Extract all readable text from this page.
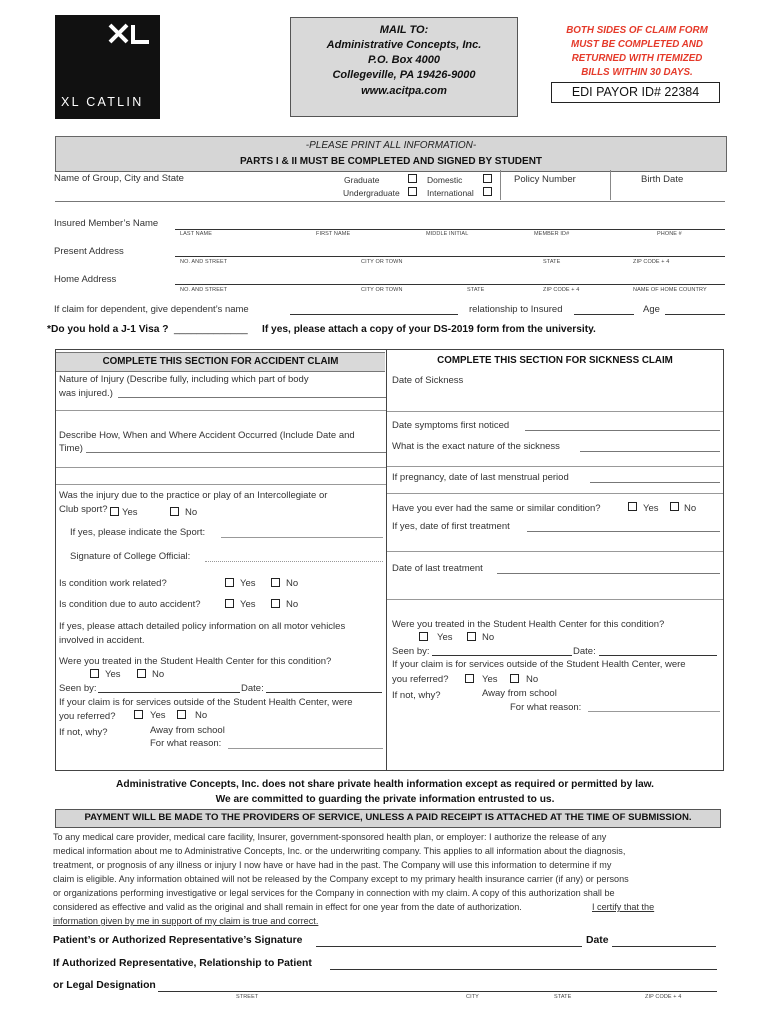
XL CATLIN
MAIL TO:
Administrative Concepts, Inc.
P.O. Box 4000
Collegeville, PA 19426-9000
www.acitpa.com
BOTH SIDES OF CLAIM FORM
MUST BE COMPLETED AND
RETURNED WITH ITEMIZED
BILLS WITHIN 30 DAYS.
EDI PAYOR ID# 22384
-PLEASE PRINT ALL INFORMATION-
PARTS I & II MUST BE COMPLETED AND SIGNED BY STUDENT
Name of Group, City and State	Graduate
Undergraduate
Domestic
International
Policy Number	Birth Date
Insured Member’s Name
LAST NAME	FIRST NAME	MIDDLE INITIAL	MEMBER ID#	PHONE #
Present Address
NO. AND STREET	CITY OR TOWN	STATE	ZIP CODE + 4
Home Address
NO. AND STREET	CITY OR TOWN	STATE	ZIP CODE + 4	NAME OF HOME COUNTRY
If claim for dependent, give dependent’s name	relationship to Insured	Age
*Do you hold a J-1 Visa ? _____________ If yes, please attach a copy of your DS-2019 form from the university.
COMPLETE THIS SECTION FOR ACCIDENT CLAIM	COMPLETE THIS SECTION FOR SICKNESS CLAIM
Nature of Injury (Describe fully, including which part of body
was injured.)
Describe How, When and Where Accident Occurred (Include Date and
Time)
Was the injury due to the practice or play of an Intercollegiate or
Club sport? Yes	No
If yes, please indicate the Sport:
Signature of College Official:
Is condition work related?	Yes	No
Is condition due to auto accident?	Yes	No
If yes, please attach detailed policy information on all motor vehicles
involved in accident.
Were you treated in the Student Health Center for this condition?
Yes	No
Seen by:	Date:
If your claim is for services outside of the Student Health Center, were
you referred?	Yes	No
If not, why?	Away from school
For what reason:
Date of Sickness
Date symptoms first noticed
What is the exact nature of the sickness
If pregnancy, date of last menstrual period
Have you ever had the same or similar condition?	Yes	No
If yes, date of first treatment
Date of last treatment
Were you treated in the Student Health Center for this condition?
Yes	No
Seen by:	Date:
If your claim is for services outside of the Student Health Center, were
you referred?	Yes	No
If not, why?	Away from school
For what reason:
Administrative Concepts, Inc. does not share private health information except as required or permitted by law.
We are committed to guarding the private information entrusted to us.
PAYMENT WILL BE MADE TO THE PROVIDERS OF SERVICE, UNLESS A PAID RECEIPT IS ATTACHED AT THE TIME OF SUBMISSION.
To any medical care provider, medical care facility, Insurer, government-sponsored health plan, or employer: I authorize the release of any
medical information about me to Administrative Concepts, Inc. or the underwriting company. This applies to all information about the diagnosis,
treatment, or prognosis of any illness or injury I now have or have had in the past. The Company will use this information to determine if my
claim is eligible. Any information obtained will not be released by the Company except to my primary health insurance carrier (if any) or persons
or organizations performing investigative or legal services for the Company in connection with my claim. A copy of this authorization shall be
considered as effective and valid as the original and shall remain in effect for one year from the date of authorization.	I certify that the
information given by me in support of my claim is true and correct.
Patient’s or Authorized Representative’s Signature	Date
If Authorized Representative, Relationship to Patient
or Legal Designation
STREET	CITY	STATE	ZIP CODE + 4
